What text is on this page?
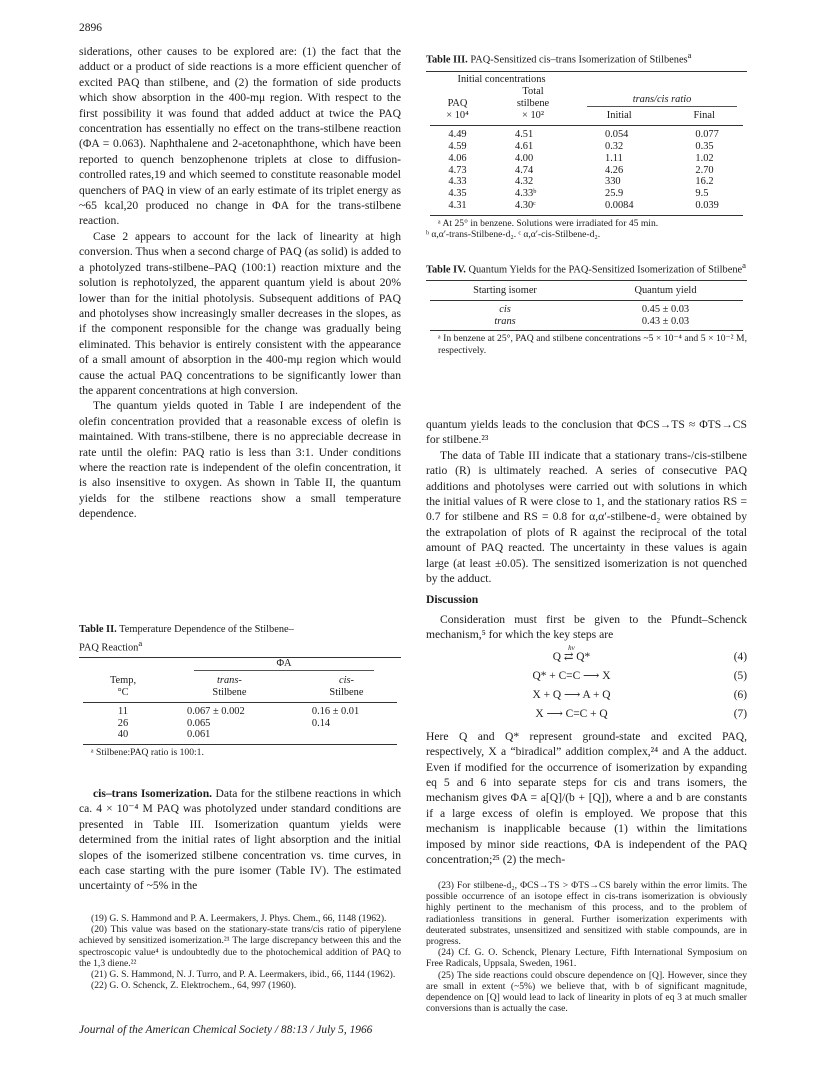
2896

siderations, other causes to be explored are: (1) the fact that the adduct or a product of side reactions is a more efficient quencher of excited PAQ than stilbene, and (2) the formation of side products which show absorption in the 400-mμ region. With respect to the first possibility it was found that added adduct at twice the PAQ concentration has essentially no effect on the trans-stilbene reaction (ΦA = 0.063). Naphthalene and 2-acetonaphthone, which have been reported to quench benzophenone triplets at close to diffusion-controlled rates,19 and which seemed to constitute reasonable model quenchers of PAQ in view of an early estimate of its triplet energy as ~65 kcal,20 produced no change in ΦA for the trans-stilbene reaction.

Case 2 appears to account for the lack of linearity at high conversion. Thus when a second charge of PAQ (as solid) is added to a photolyzed trans-stilbene–PAQ (100:1) reaction mixture and the solution is rephotolyzed, the apparent quantum yield is about 20% lower than for the initial photolysis. Subsequent additions of PAQ and photolyses show increasingly smaller decreases in the slopes, as if the component responsible for the change was gradually being eliminated. This behavior is entirely consistent with the appearance of a small amount of absorption in the 400-mμ region which would cause the actual PAQ concentrations to be significantly lower than the apparent concentrations at high conversion.

The quantum yields quoted in Table I are independent of the olefin concentration provided that a reasonable excess of olefin is maintained. With trans-stilbene, there is no appreciable decrease in rate until the olefin: PAQ ratio is less than 3:1. Under conditions where the reaction rate is independent of the olefin concentration, it is also insensitive to oxygen. As shown in Table II, the quantum yields for the stilbene reactions show a small temperature dependence.

Table II. Temperature Dependence of the Stilbene–PAQ Reaction$^a$

	ΦA	

Temp,	trans-	cis-
°C	Stilbene	Stilbene

11	0.067 ± 0.002	0.16 ± 0.01
26	0.065	0.14
40	0.061	

ᵃ Stilbene:PAQ ratio is 100:1.

cis–trans Isomerization. Data for the stilbene reactions in which ca. 4 × 10⁻⁴ M PAQ was photolyzed under standard conditions are presented in Table III. Isomerization quantum yields were determined from the initial rates of light absorption and the initial slopes of the isomerized stilbene concentration vs. time curves, in each case starting with the pure isomer (Table IV). The estimated uncertainty of ~5% in the

(19) G. S. Hammond and P. A. Leermakers, J. Phys. Chem., 66, 1148 (1962).

(20) This value was based on the stationary-state trans/cis ratio of piperylene achieved by sensitized isomerization.²¹ The large discrepancy between this and the spectroscopic value⁴ is undoubtedly due to the photochemical addition of PAQ to the 1,3 diene.²²

(21) G. S. Hammond, N. J. Turro, and P. A. Leermakers, ibid., 66, 1144 (1962).

(22) G. O. Schenck, Z. Elektrochem., 64, 997 (1960).

Table III. PAQ-Sensitized cis–trans Isomerization of Stilbenes$^a$
Initial concentrations			
	Total		
PAQ	stilbene	trans/cis ratio	

× 10⁴	× 10²	Initial	Final

4.49	4.51	0.054	0.077
4.59	4.61	0.32	0.35
4.06	4.00	1.11	1.02
4.73	4.74	4.26	2.70
4.33	4.32	330	16.2
4.35	4.33ᵇ	25.9	9.5
4.31	4.30ᶜ	0.0084	0.039

ᵃ At 25° in benzene. Solutions were irradiated for 45 min.
ᵇ α,α′-trans-Stilbene-d₂. ᶜ α,α′-cis-Stilbene-d₂.
Table IV. Quantum Yields for the PAQ-Sensitized Isomerization of Stilbene$^a$
Starting isomer	Quantum yield

cis	0.45 ± 0.03
trans	0.43 ± 0.03

ᵃ In benzene at 25°, PAQ and stilbene concentrations ~5 × 10⁻⁴ and 5 × 10⁻² M, respectively.

quantum yields leads to the conclusion that ΦCS→TS ≈ ΦTS→CS for stilbene.²³

The data of Table III indicate that a stationary trans-/cis-stilbene ratio (R) is ultimately reached. A series of consecutive PAQ additions and photolyses were carried out with solutions in which the initial values of R were close to 1, and the stationary ratios RS = 0.7 for stilbene and RS = 0.8 for α,α′-stilbene-d₂ were obtained by the extrapolation of plots of R against the reciprocal of the total amount of PAQ reacted. The uncertainty in these values is again large (at least ±0.05). The sensitized isomerization is not quenched by the adduct.

Discussion

Consideration must first be given to the Pfundt–Schenck mechanism,⁵ for which the key steps are

hν
Q ⇄ Q*	(4)
Q* + C=C ⟶ X	(5)
X + Q ⟶ A + Q	(6)
X ⟶ C=C + Q	(7)

Here Q and Q* represent ground-state and excited PAQ, respectively, X a “biradical” addition complex,²⁴ and A the adduct. Even if modified for the occurrence of isomerization by expanding eq 5 and 6 into separate steps for cis and trans isomers, the mechanism gives ΦA = a[Q]/(b + [Q]), where a and b are constants if a large excess of olefin is employed. We propose that this mechanism is inapplicable because (1) within the limitations imposed by minor side reactions, ΦA is independent of the PAQ concentration;²⁵ (2) the mech-

(23) For stilbene-d₂, ΦCS→TS > ΦTS→CS barely within the error limits. The possible occurrence of an isotope effect in cis-trans isomerization is obviously highly pertinent to the mechanism of this process, and to the problem of radiationless transitions in general. Further isomerization experiments with deuterated substrates, unsensitized and sensitized with stable compounds, are in progress.

(24) Cf. G. O. Schenck, Plenary Lecture, Fifth International Symposium on Free Radicals, Uppsala, Sweden, 1961.

(25) The side reactions could obscure dependence on [Q]. However, since they are small in extent (~5%) we believe that, with b of significant magnitude, dependence on [Q] would lead to lack of linearity in plots of eq 3 at much smaller conversions than is actually the case.

Journal of the American Chemical Society / 88:13 / July 5, 1966
